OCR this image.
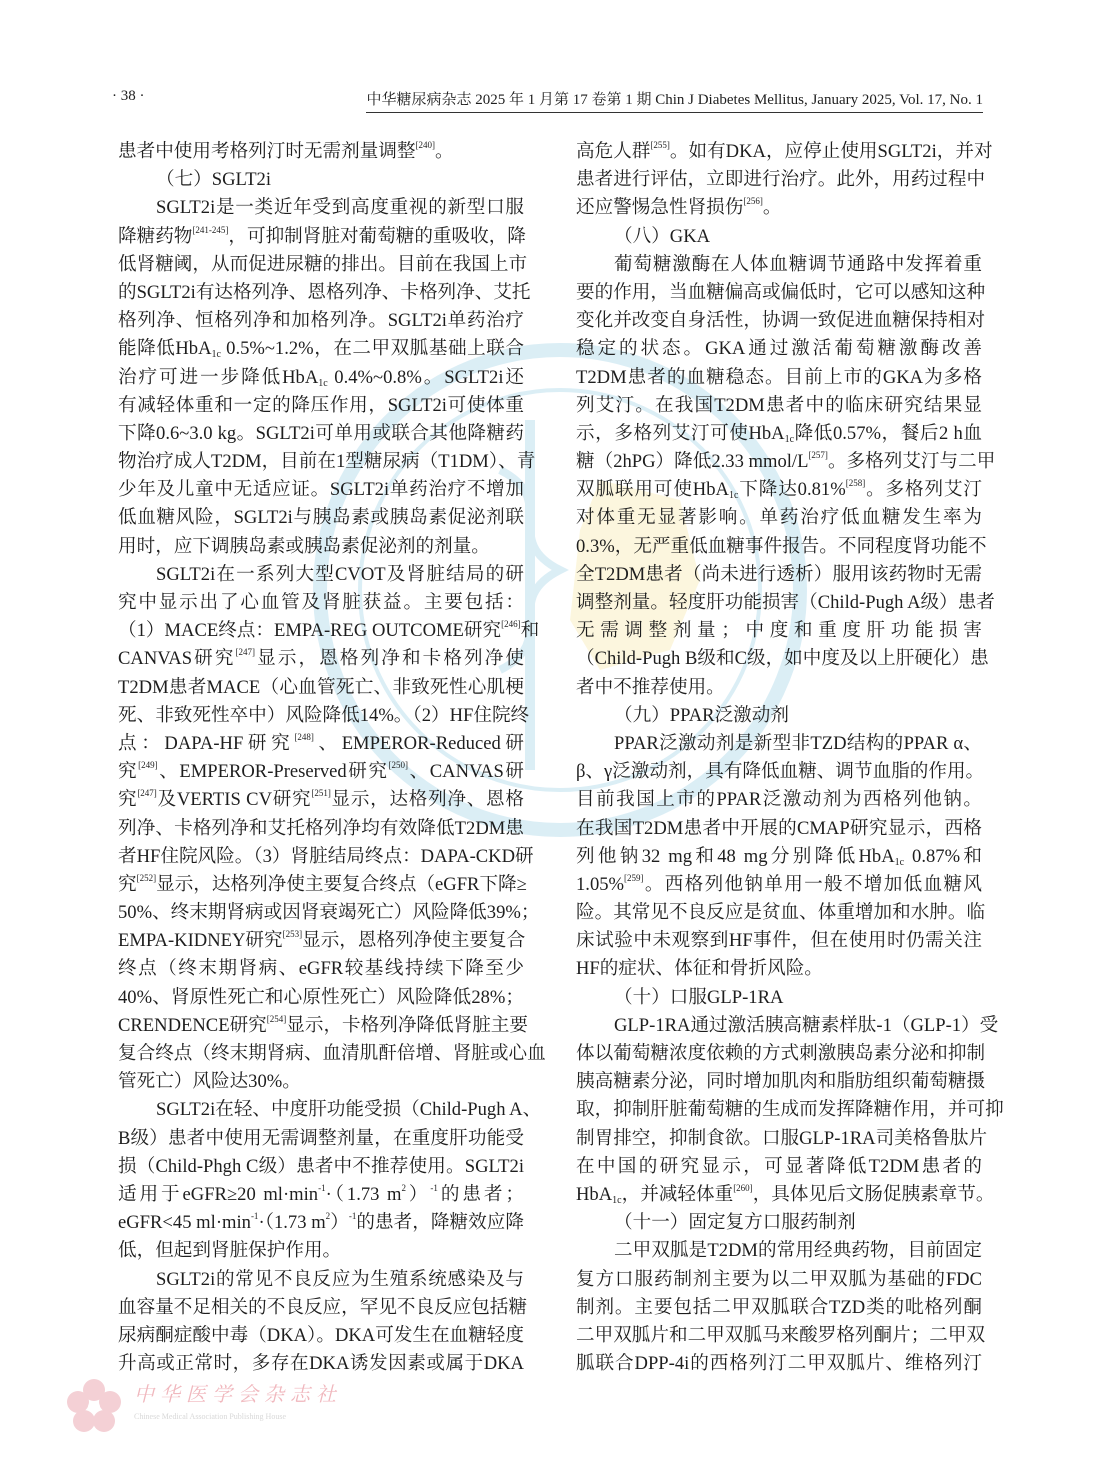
· 38 ·	中华糖尿病杂志 2025 年 1 月第 17 卷第 1 期 Chin J Diabetes Mellitus, January 2025, Vol. 17, No. 1
患者中使用考格列汀时无需剂量调整[240]。
（七）SGLT2i
SGLT2i是一类近年受到高度重视的新型口服
降糖药物[241-245]，可抑制肾脏对葡萄糖的重吸收，降
低肾糖阈，从而促进尿糖的排出。目前在我国上市
的SGLT2i有达格列净、恩格列净、卡格列净、艾托
格列净、恒格列净和加格列净。SGLT2i单药治疗
能降低HbA$_{1c}$ 0.5%~1.2%，在二甲双胍基础上联合
治疗可进一步降低HbA$_{1c}$ 0.4%~0.8%。SGLT2i还
有减轻体重和一定的降压作用，SGLT2i可使体重
下降0.6~3.0 kg。SGLT2i可单用或联合其他降糖药
物治疗成人T2DM，目前在1型糖尿病（T1DM）、青
少年及儿童中无适应证。SGLT2i单药治疗不增加
低血糖风险，SGLT2i与胰岛素或胰岛素促泌剂联
用时，应下调胰岛素或胰岛素促泌剂的剂量。
SGLT2i在一系列大型CVOT及肾脏结局的研
究中显示出了心血管及肾脏获益。主要包括：
（1）MACE终点：EMPA-REG OUTCOME研究[246]和
CANVAS研究[247]显示，恩格列净和卡格列净使
T2DM患者MACE（心血管死亡、非致死性心肌梗
死、非致死性卒中）风险降低14%。（2）HF住院终
点：DAPA-HF研究[248]、EMPEROR-Reduced研
究[249]、EMPEROR-Preserved研究[250]、CANVAS研
究[247]及VERTIS CV研究[251]显示，达格列净、恩格
列净、卡格列净和艾托格列净均有效降低T2DM患
者HF住院风险。（3）肾脏结局终点：DAPA-CKD研
究[252]显示，达格列净使主要复合终点（eGFR下降≥
50%、终末期肾病或因肾衰竭死亡）风险降低39%；
EMPA-KIDNEY研究[253]显示，恩格列净使主要复合
终点（终末期肾病、eGFR较基线持续下降至少
40%、肾原性死亡和心原性死亡）风险降低28%；
CRENDENCE研究[254]显示，卡格列净降低肾脏主要
复合终点（终末期肾病、血清肌酐倍增、肾脏或心血
管死亡）风险达30%。
SGLT2i在轻、中度肝功能受损（Child-Pugh A、
B级）患者中使用无需调整剂量，在重度肝功能受
损（Child-Phgh C级）患者中不推荐使用。SGLT2i
适用于eGFR≥20 $ml\cdot\min^{-1}\cdot(1.73$ $m^2)^{-1}$的患者；
eGFR<45 $ml\cdot\min^{-1}\cdot(1.73$ $m^2)^{-1}$的患者，降糖效应降
低，但起到肾脏保护作用。
SGLT2i的常见不良反应为生殖系统感染及与
血容量不足相关的不良反应，罕见不良反应包括糖
尿病酮症酸中毒（DKA）。DKA可发生在血糖轻度
升高或正常时，多存在DKA诱发因素或属于DKA
高危人群[255]。如有DKA，应停止使用SGLT2i，并对
患者进行评估，立即进行治疗。此外，用药过程中
还应警惕急性肾损伤[256]。
（八）GKA
葡萄糖激酶在人体血糖调节通路中发挥着重
要的作用，当血糖偏高或偏低时，它可以感知这种
变化并改变自身活性，协调一致促进血糖保持相对
稳定的状态。GKA通过激活葡萄糖激酶改善
T2DM患者的血糖稳态。目前上市的GKA为多格
列艾汀。在我国T2DM患者中的临床研究结果显
示，多格列艾汀可使HbA$_{1c}$降低0.57%，餐后2 h血
糖（2hPG）降低2.33 mmol/L[257]。多格列艾汀与二甲
双胍联用可使HbA$_{1c}$下降达0.81%[258]。多格列艾汀
对体重无显著影响。单药治疗低血糖发生率为
0.3%，无严重低血糖事件报告。不同程度肾功能不
全T2DM患者（尚未进行透析）服用该药物时无需
调整剂量。轻度肝功能损害（Child-Pugh A级）患者
无需调整剂量；中度和重度肝功能损害
（Child-Pugh B级和C级，如中度及以上肝硬化）患
者中不推荐使用。
（九）PPAR泛激动剂
PPAR泛激动剂是新型非TZD结构的PPAR α、
β、γ泛激动剂，具有降低血糖、调节血脂的作用。
目前我国上市的PPAR泛激动剂为西格列他钠。
在我国T2DM患者中开展的CMAP研究显示，西格
列他钠32 mg和48 mg分别降低HbA$_{1c}$ 0.87%和
1.05%[259]。西格列他钠单用一般不增加低血糖风
险。其常见不良反应是贫血、体重增加和水肿。临
床试验中未观察到HF事件，但在使用时仍需关注
HF的症状、体征和骨折风险。
（十）口服GLP-1RA
GLP-1RA通过激活胰高糖素样肽-1（GLP-1）受
体以葡萄糖浓度依赖的方式刺激胰岛素分泌和抑制
胰高糖素分泌，同时增加肌肉和脂肪组织葡萄糖摄
取，抑制肝脏葡萄糖的生成而发挥降糖作用，并可抑
制胃排空，抑制食欲。口服GLP-1RA司美格鲁肽片
在中国的研究显示，可显著降低T2DM患者的
HbA$_{1c}$，并减轻体重[260]，具体见后文肠促胰素章节。
（十一）固定复方口服药制剂
二甲双胍是T2DM的常用经典药物，目前固定
复方口服药制剂主要为以二甲双胍为基础的FDC
制剂。主要包括二甲双胍联合TZD类的吡格列酮
二甲双胍片和二甲双胍马来酸罗格列酮片；二甲双
胍联合DPP-4i的西格列汀二甲双胍片、维格列汀
中华医学会杂志社
Chinese Medical Association Publishing House
